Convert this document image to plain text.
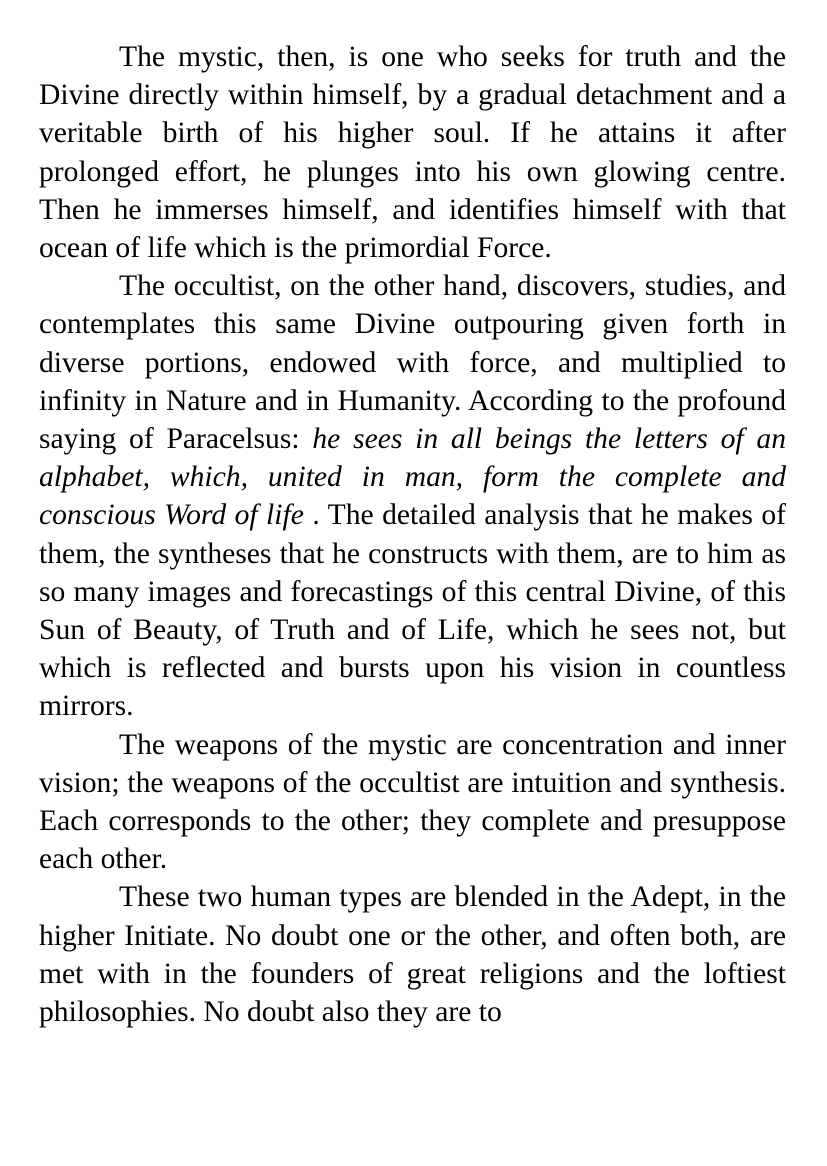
The mystic, then, is one who seeks for truth and the Divine directly within himself, by a gradual detachment and a veritable birth of his higher soul. If he attains it after prolonged effort, he plunges into his own glowing centre. Then he immerses himself, and identifies himself with that ocean of life which is the primordial Force.

The occultist, on the other hand, discovers, studies, and contemplates this same Divine outpouring given forth in diverse portions, endowed with force, and multiplied to infinity in Nature and in Humanity. According to the profound saying of Paracelsus: he sees in all beings the letters of an alphabet, which, united in man, form the complete and conscious Word of life . The detailed analysis that he makes of them, the syntheses that he constructs with them, are to him as so many images and forecastings of this central Divine, of this Sun of Beauty, of Truth and of Life, which he sees not, but which is reflected and bursts upon his vision in countless mirrors.

The weapons of the mystic are concentration and inner vision; the weapons of the occultist are intuition and synthesis. Each corresponds to the other; they complete and presuppose each other.

These two human types are blended in the Adept, in the higher Initiate. No doubt one or the other, and often both, are met with in the founders of great religions and the loftiest philosophies. No doubt also they are to
